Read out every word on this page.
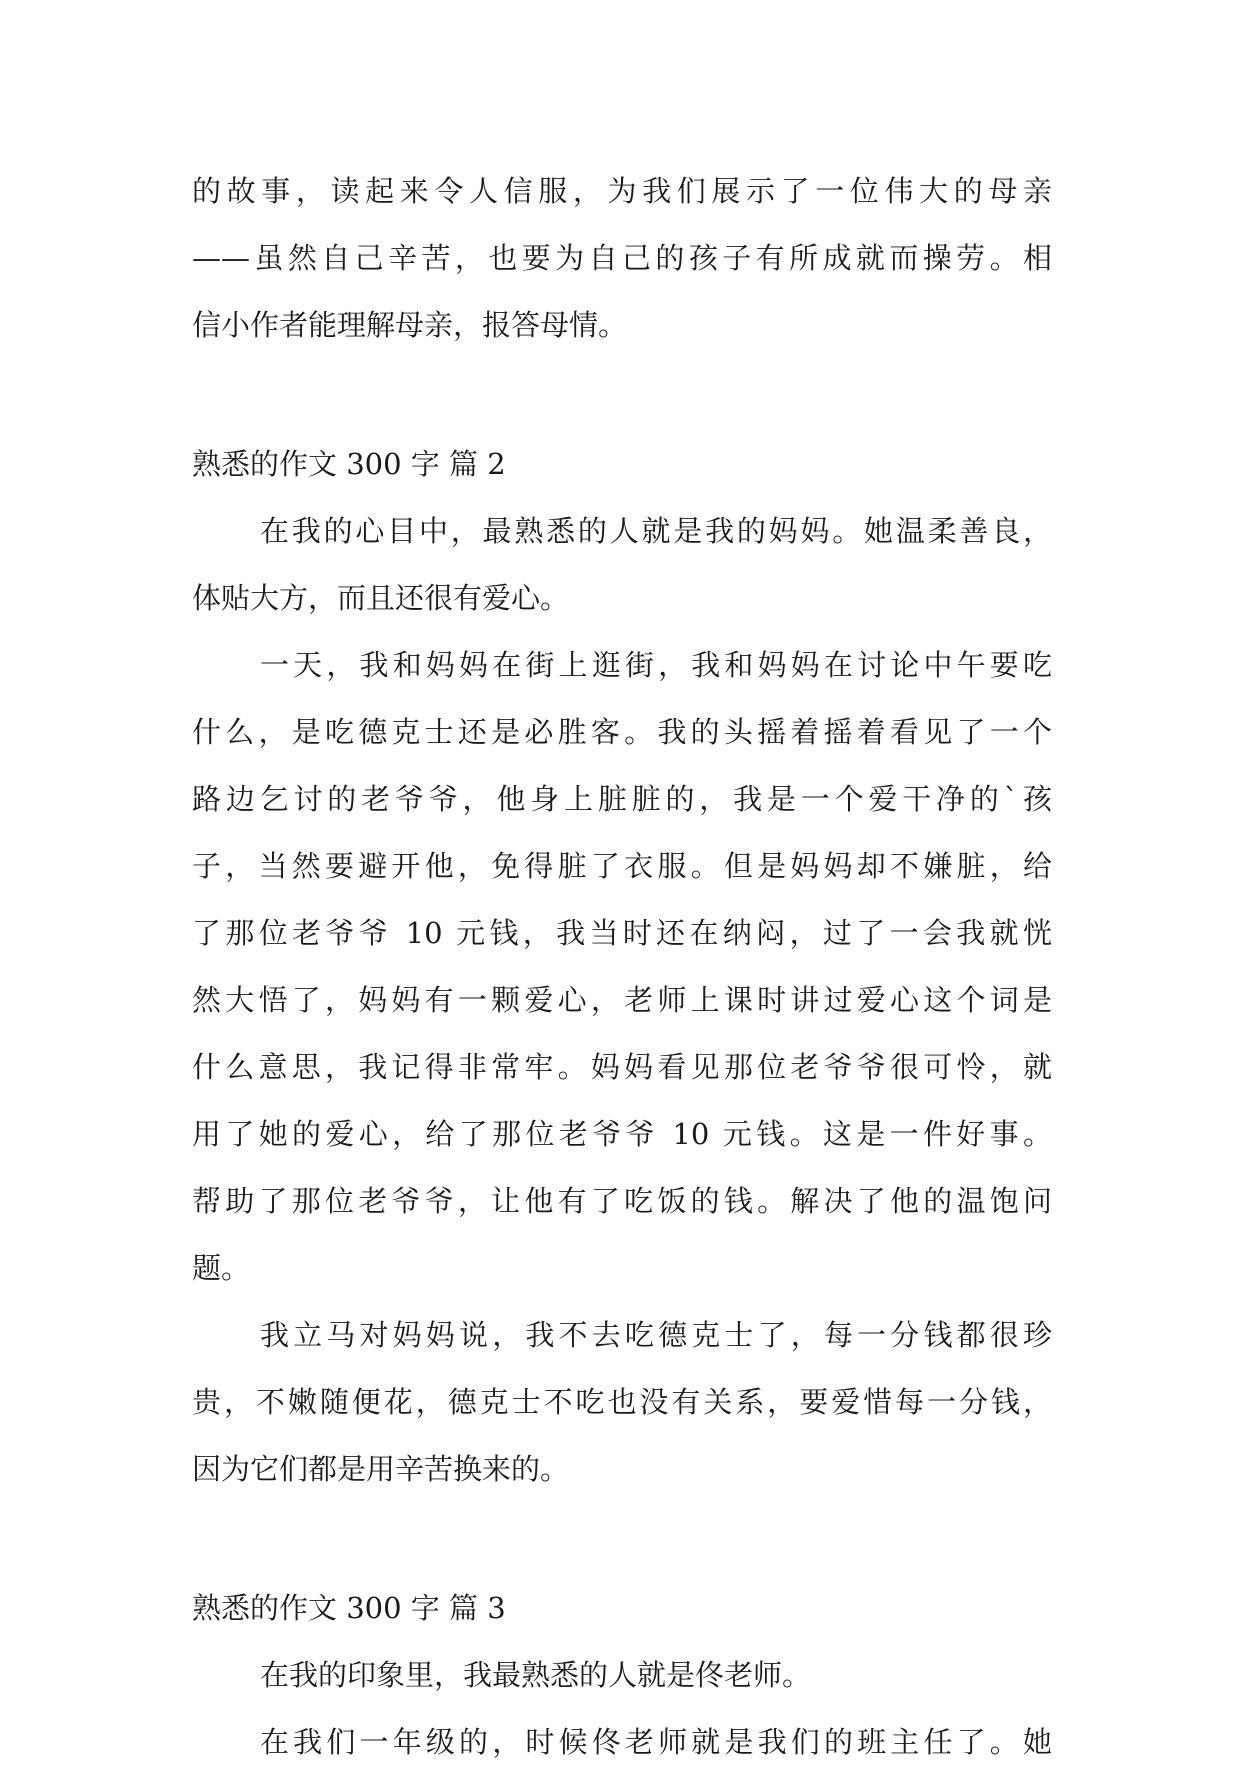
的故事，读起来令人信服，为我们展示了一位伟大的母亲
——虽然自己辛苦，也要为自己的孩子有所成就而操劳。相
信小作者能理解母亲，报答母情。
熟悉的作文 300 字 篇 2
在我的心目中，最熟悉的人就是我的妈妈。她温柔善良，
体贴大方，而且还很有爱心。
一天，我和妈妈在街上逛街，我和妈妈在讨论中午要吃
什么，是吃德克士还是必胜客。我的头摇着摇着看见了一个
路边乞讨的老爷爷，他身上脏脏的，我是一个爱干净的`孩
子，当然要避开他，免得脏了衣服。但是妈妈却不嫌脏，给
了那位老爷爷 10 元钱，我当时还在纳闷，过了一会我就恍
然大悟了，妈妈有一颗爱心，老师上课时讲过爱心这个词是
什么意思，我记得非常牢。妈妈看见那位老爷爷很可怜，就
用了她的爱心，给了那位老爷爷 10 元钱。这是一件好事。
帮助了那位老爷爷，让他有了吃饭的钱。解决了他的温饱问
题。
我立马对妈妈说，我不去吃德克士了，每一分钱都很珍
贵，不嫩随便花，德克士不吃也没有关系，要爱惜每一分钱，
因为它们都是用辛苦换来的。
熟悉的作文 300 字 篇 3
在我的印象里，我最熟悉的人就是佟老师。
在我们一年级的，时候佟老师就是我们的班主任了。她
